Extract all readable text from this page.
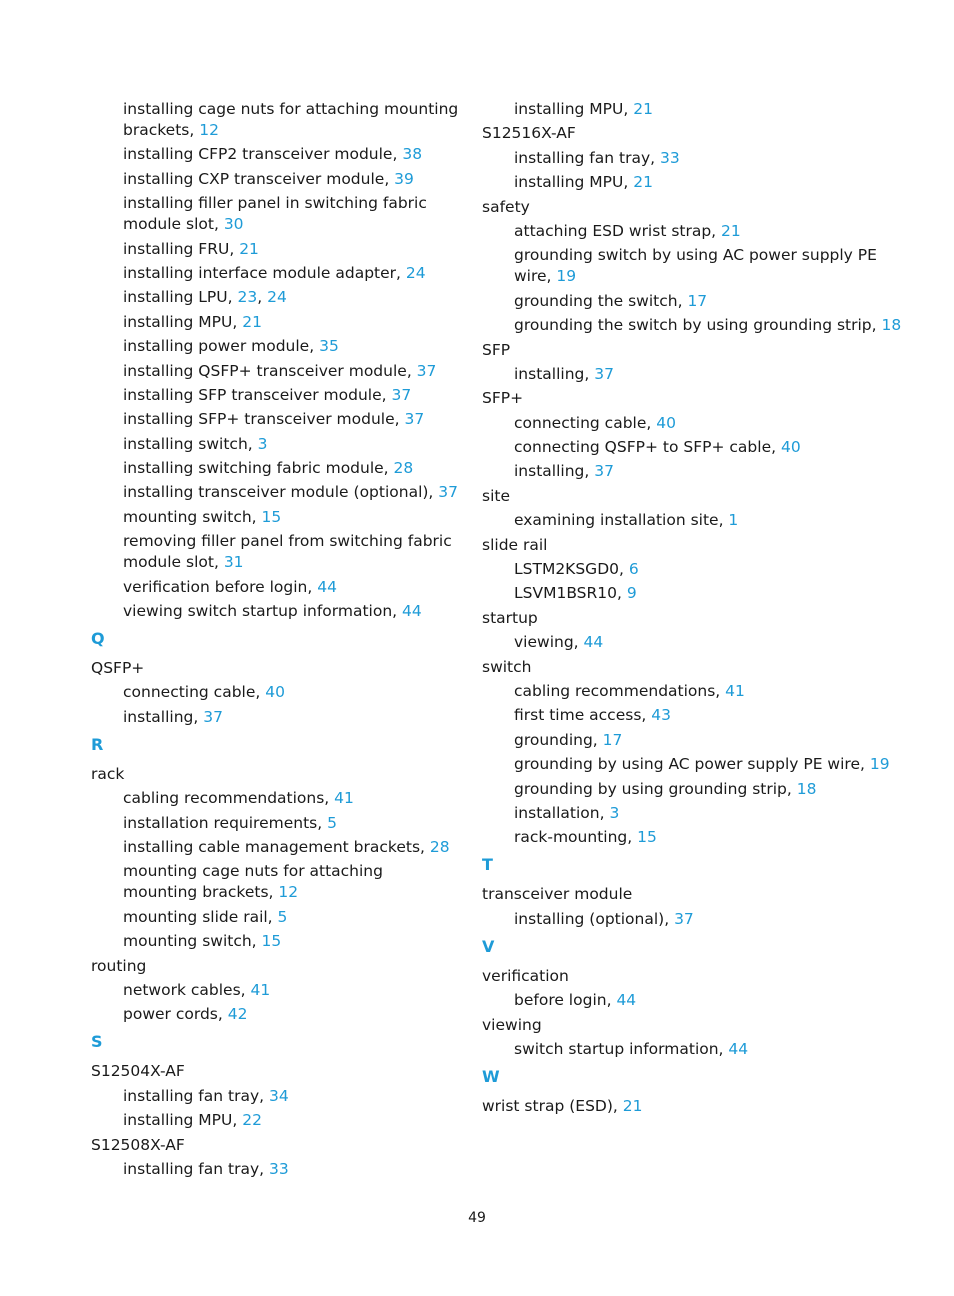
installing cage nuts for attaching mounting brackets, 12
installing CFP2 transceiver module, 38
installing CXP transceiver module, 39
installing filler panel in switching fabric module slot, 30
installing FRU, 21
installing interface module adapter, 24
installing LPU, 23, 24
installing MPU, 21
installing power module, 35
installing QSFP+ transceiver module, 37
installing SFP transceiver module, 37
installing SFP+ transceiver module, 37
installing switch, 3
installing switching fabric module, 28
installing transceiver module (optional), 37
mounting switch, 15
removing filler panel from switching fabric module slot, 31
verification before login, 44
viewing switch startup information, 44
Q
QSFP+
connecting cable, 40
installing, 37
R
rack
cabling recommendations, 41
installation requirements, 5
installing cable management brackets, 28
mounting cage nuts for attaching mounting brackets, 12
mounting slide rail, 5
mounting switch, 15
routing
network cables, 41
power cords, 42
S
S12504X-AF
installing fan tray, 34
installing MPU, 22
S12508X-AF
installing fan tray, 33
installing MPU, 21
S12516X-AF
installing fan tray, 33
installing MPU, 21
safety
attaching ESD wrist strap, 21
grounding switch by using AC power supply PE wire, 19
grounding the switch, 17
grounding the switch by using grounding strip, 18
SFP
installing, 37
SFP+
connecting cable, 40
connecting QSFP+ to SFP+ cable, 40
installing, 37
site
examining installation site, 1
slide rail
LSTM2KSGD0, 6
LSVM1BSR10, 9
startup
viewing, 44
switch
cabling recommendations, 41
first time access, 43
grounding, 17
grounding by using AC power supply PE wire, 19
grounding by using grounding strip, 18
installation, 3
rack-mounting, 15
T
transceiver module
installing (optional), 37
V
verification
before login, 44
viewing
switch startup information, 44
W
wrist strap (ESD), 21
49
